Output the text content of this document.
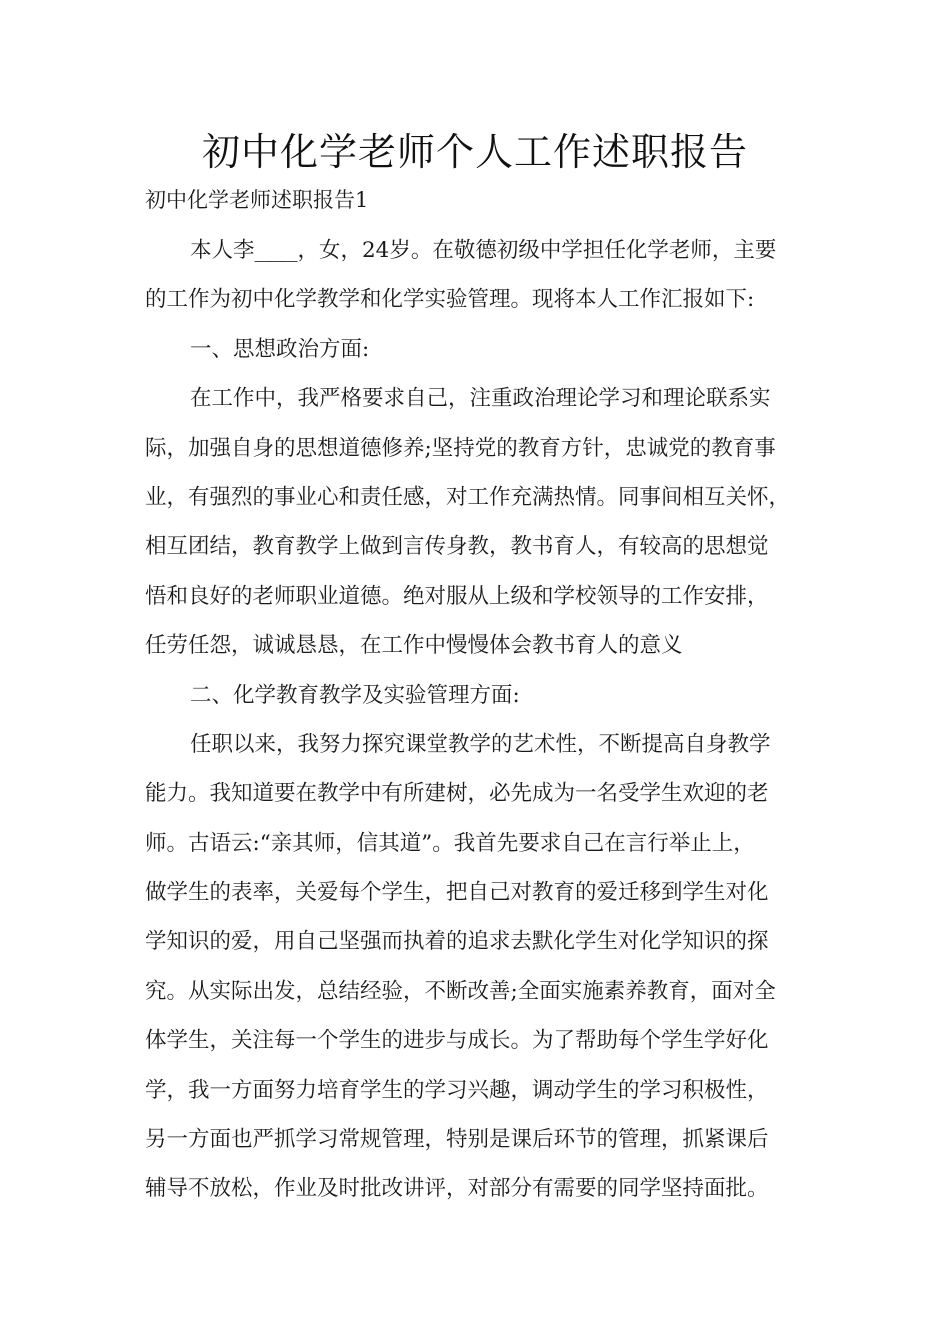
初中化学老师个人工作述职报告
初中化学老师述职报告1
本人李____，女，24岁。在敬德初级中学担任化学老师，主要
的工作为初中化学教学和化学实验管理。现将本人工作汇报如下:
一、思想政治方面:
在工作中，我严格要求自己，注重政治理论学习和理论联系实
际，加强自身的思想道德修养;坚持党的教育方针，忠诚党的教育事
业，有强烈的事业心和责任感，对工作充满热情。同事间相互关怀，
相互团结，教育教学上做到言传身教，教书育人，有较高的思想觉
悟和良好的老师职业道德。绝对服从上级和学校领导的工作安排，
任劳任怨，诚诚恳恳，在工作中慢慢体会教书育人的意义
二、化学教育教学及实验管理方面:
任职以来，我努力探究课堂教学的艺术性，不断提高自身教学
能力。我知道要在教学中有所建树，必先成为一名受学生欢迎的老
师。古语云:“亲其师，信其道”。我首先要求自己在言行举止上，
做学生的表率，关爱每个学生，把自己对教育的爱迁移到学生对化
学知识的爱，用自己坚强而执着的追求去默化学生对化学知识的探
究。从实际出发，总结经验，不断改善;全面实施素养教育，面对全
体学生，关注每一个学生的进步与成长。为了帮助每个学生学好化
学，我一方面努力培育学生的学习兴趣，调动学生的学习积极性，
另一方面也严抓学习常规管理，特别是课后环节的管理，抓紧课后
辅导不放松，作业及时批改讲评，对部分有需要的同学坚持面批。
